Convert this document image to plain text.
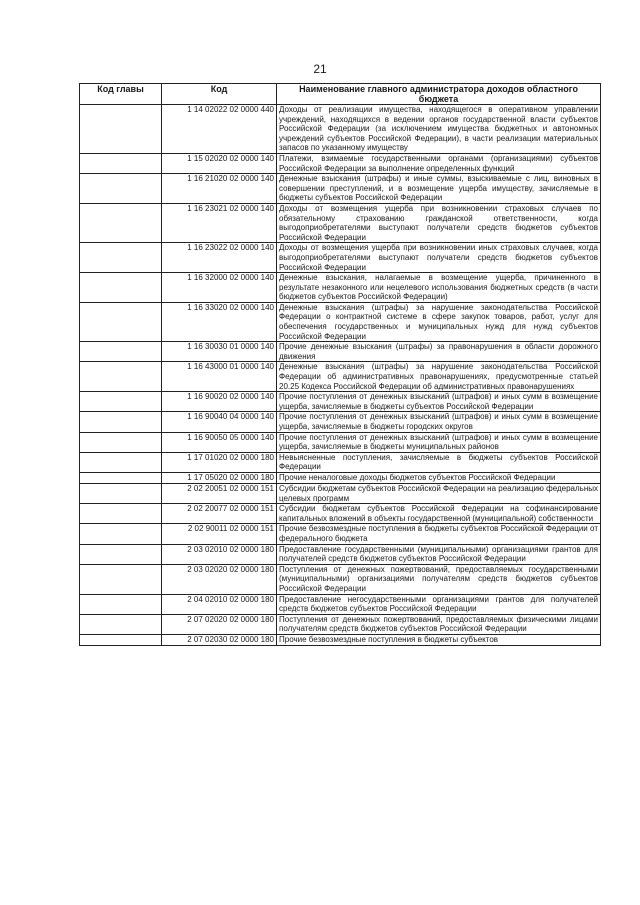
21
Код главы	Код	Наименование главного администратора доходов областного бюджета
	1 14 02022 02 0000 440	Доходы от реализации имущества, находящегося в оперативном управлении учреждений, находящихся в ведении органов государственной власти субъектов Российской Федерации (за исключением имущества бюджетных и автономных учреждений субъектов Российской Федерации), в части реализации материальных запасов по указанному имуществу
	1 15 02020 02 0000 140	Платежи, взимаемые государственными органами (организациями) субъектов Российской Федерации за выполнение определенных функций
	1 16 21020 02 0000 140	Денежные взыскания (штрафы) и иные суммы, взыскиваемые с лиц, виновных в совершении преступлений, и в возмещение ущерба имуществу, зачисляемые в бюджеты субъектов Российской Федерации
	1 16 23021 02 0000 140	Доходы от возмещения ущерба при возникновении страховых случаев по обязательному страхованию гражданской ответственности, когда выгодоприобретателями выступают получатели средств бюджетов субъектов Российской Федерации
	1 16 23022 02 0000 140	Доходы от возмещения ущерба при возникновении иных страховых случаев, когда выгодоприобретателями выступают получатели средств бюджетов субъектов Российской Федерации
	1 16 32000 02 0000 140	Денежные взыскания, налагаемые в возмещение ущерба, причиненного в результате незаконного или нецелевого использования бюджетных средств (в части бюджетов субъектов Российской Федерации)
	1 16 33020 02 0000 140	Денежные взыскания (штрафы) за нарушение законодательства Российской Федерации о контрактной системе в сфере закупок товаров, работ, услуг для обеспечения государственных и муниципальных нужд для нужд субъектов Российской Федерации
	1 16 30030 01 0000 140	Прочие денежные взыскания (штрафы) за правонарушения в области дорожного движения
	1 16 43000 01 0000 140	Денежные взыскания (штрафы) за нарушение законодательства Российской Федерации об административных правонарушениях, предусмотренные статьей 20.25 Кодекса Российской Федерации об административных правонарушениях
	1 16 90020 02 0000 140	Прочие поступления от денежных взысканий (штрафов) и иных сумм в возмещение ущерба, зачисляемые в бюджеты субъектов Российской Федерации
	1 16 90040 04 0000 140	Прочие поступления от денежных взысканий (штрафов) и иных сумм в возмещение ущерба, зачисляемые в бюджеты городских округов
	1 16 90050 05 0000 140	Прочие поступления от денежных взысканий (штрафов) и иных сумм в возмещение ущерба, зачисляемые в бюджеты муниципальных районов
	1 17 01020 02 0000 180	Невыясненные поступления, зачисляемые в бюджеты субъектов Российской Федерации
	1 17 05020 02 0000 180	Прочие неналоговые доходы бюджетов субъектов Российской Федерации
	2 02 20051 02 0000 151	Субсидии бюджетам субъектов Российской Федерации на реализацию федеральных целевых программ
	2 02 20077 02 0000 151	Субсидии бюджетам субъектов Российской Федерации на софинансирование капитальных вложений в объекты государственной (муниципальной) собственности
	2 02 90011 02 0000 151	Прочие безвозмездные поступления в бюджеты субъектов Российской Федерации от федерального бюджета
	2 03 02010 02 0000 180	Предоставление государственными (муниципальными) организациями грантов для получателей средств бюджетов субъектов Российской Федерации
	2 03 02020 02 0000 180	Поступления от денежных пожертвований, предоставляемых государственными (муниципальными) организациями получателям средств бюджетов субъектов Российской Федерации
	2 04 02010 02 0000 180	Предоставление негосударственными организациями грантов для получателей средств бюджетов субъектов Российской Федерации
	2 07 02020 02 0000 180	Поступления от денежных пожертвований, предоставляемых физическими лицами получателям средств бюджетов субъектов Российской Федерации
	2 07 02030 02 0000 180	Прочие безвозмездные поступления в бюджеты субъектов
